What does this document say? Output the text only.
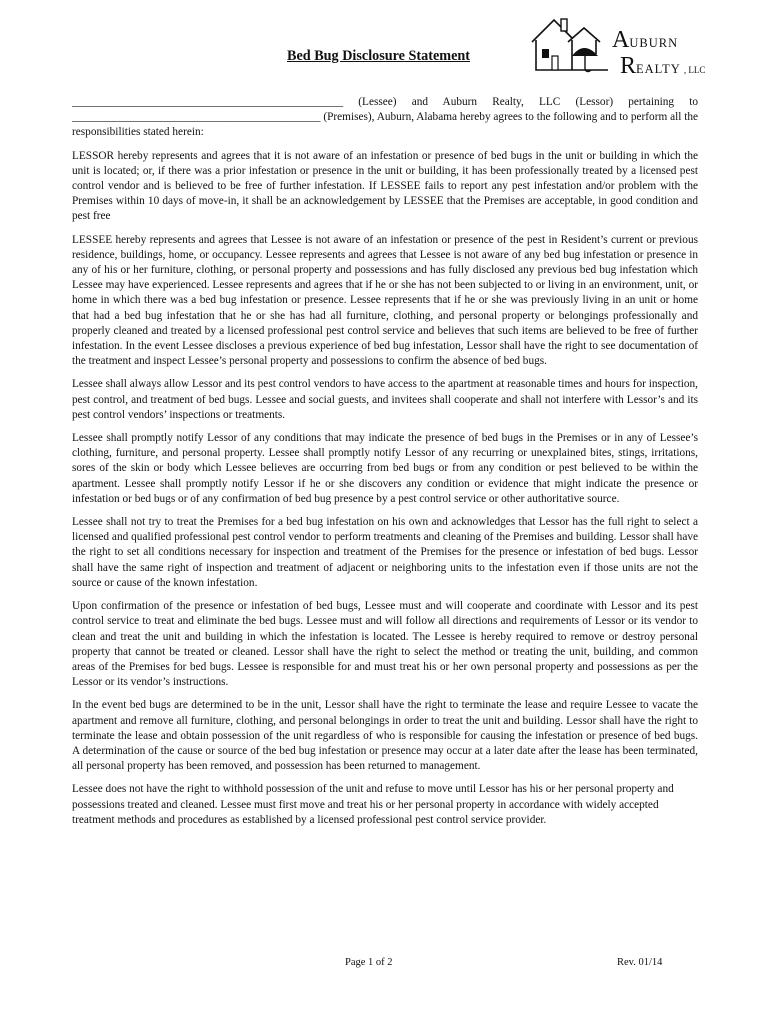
AUBURN
REALTY , LLC
Bed Bug Disclosure Statement

________________________________________________ (Lessee) and Auburn Realty, LLC (Lessor) pertaining to ____________________________________________ (Premises), Auburn, Alabama hereby agrees to the following and to perform all the responsibilities stated herein:

LESSOR hereby represents and agrees that it is not aware of an infestation or presence of bed bugs in the unit or building in which the unit is located; or, if there was a prior infestation or presence in the unit or building, it has been professionally treated by a licensed pest control vendor and is believed to be free of further infestation. If LESSEE fails to report any pest infestation and/or problem with the Premises within 10 days of move-in, it shall be an acknowledgement by LESSEE that the Premises are acceptable, in good condition and pest free

LESSEE hereby represents and agrees that Lessee is not aware of an infestation or presence of the pest in Resident’s current or previous residence, buildings, home, or occupancy. Lessee represents and agrees that Lessee is not aware of any bed bug infestation or presence in any of his or her furniture, clothing, or personal property and possessions and has fully disclosed any previous bed bug infestation which Lessee may have experienced. Lessee represents and agrees that if he or she has not been subjected to or living in an environment, unit, or home in which there was a bed bug infestation or presence. Lessee represents that if he or she was previously living in an unit or home that had a bed bug infestation that he or she has had all furniture, clothing, and personal property or belongings professionally and properly cleaned and treated by a licensed professional pest control service and believes that such items are believed to be free of further infestation. In the event Lessee discloses a previous experience of bed bug infestation, Lessor shall have the right to see documentation of the treatment and inspect Lessee’s personal property and possessions to confirm the absence of bed bugs.

Lessee shall always allow Lessor and its pest control vendors to have access to the apartment at reasonable times and hours for inspection, pest control, and treatment of bed bugs. Lessee and social guests, and invitees shall cooperate and shall not interfere with Lessor’s and its pest control vendors’ inspections or treatments.

Lessee shall promptly notify Lessor of any conditions that may indicate the presence of bed bugs in the Premises or in any of Lessee’s clothing, furniture, and personal property. Lessee shall promptly notify Lessor of any recurring or unexplained bites, stings, irritations, sores of the skin or body which Lessee believes are occurring from bed bugs or from any condition or pest believed to be within the apartment. Lessee shall promptly notify Lessor if he or she discovers any condition or evidence that might indicate the presence or infestation or bed bugs or of any confirmation of bed bug presence by a pest control service or other authoritative source.

Lessee shall not try to treat the Premises for a bed bug infestation on his own and acknowledges that Lessor has the full right to select a licensed and qualified professional pest control vendor to perform treatments and cleaning of the Premises and building. Lessor shall have the right to set all conditions necessary for inspection and treatment of the Premises for the presence or infestation of bed bugs. Lessor shall have the same right of inspection and treatment of adjacent or neighboring units to the infestation even if those units are not the source or cause of the known infestation.

Upon confirmation of the presence or infestation of bed bugs, Lessee must and will cooperate and coordinate with Lessor and its pest control service to treat and eliminate the bed bugs. Lessee must and will follow all directions and requirements of Lessor or its vendor to clean and treat the unit and building in which the infestation is located. The Lessee is hereby required to remove or destroy personal property that cannot be treated or cleaned. Lessor shall have the right to select the method or treating the unit, building, and common areas of the Premises for bed bugs. Lessee is responsible for and must treat his or her own personal property and possessions as per the Lessor or its vendor’s instructions.

In the event bed bugs are determined to be in the unit, Lessor shall have the right to terminate the lease and require Lessee to vacate the apartment and remove all furniture, clothing, and personal belongings in order to treat the unit and building. Lessor shall have the right to terminate the lease and obtain possession of the unit regardless of who is responsible for causing the infestation or presence of bed bugs. A determination of the cause or source of the bed bug infestation or presence may occur at a later date after the lease has been terminated, all personal property has been removed, and possession has been returned to management.

Lessee does not have the right to withhold possession of the unit and refuse to move until Lessor has his or her personal property and possessions treated and cleaned. Lessee must first move and treat his or her personal property in accordance with widely accepted treatment methods and procedures as established by a licensed professional pest control service provider.

Page 1 of 2	Rev. 01/14
